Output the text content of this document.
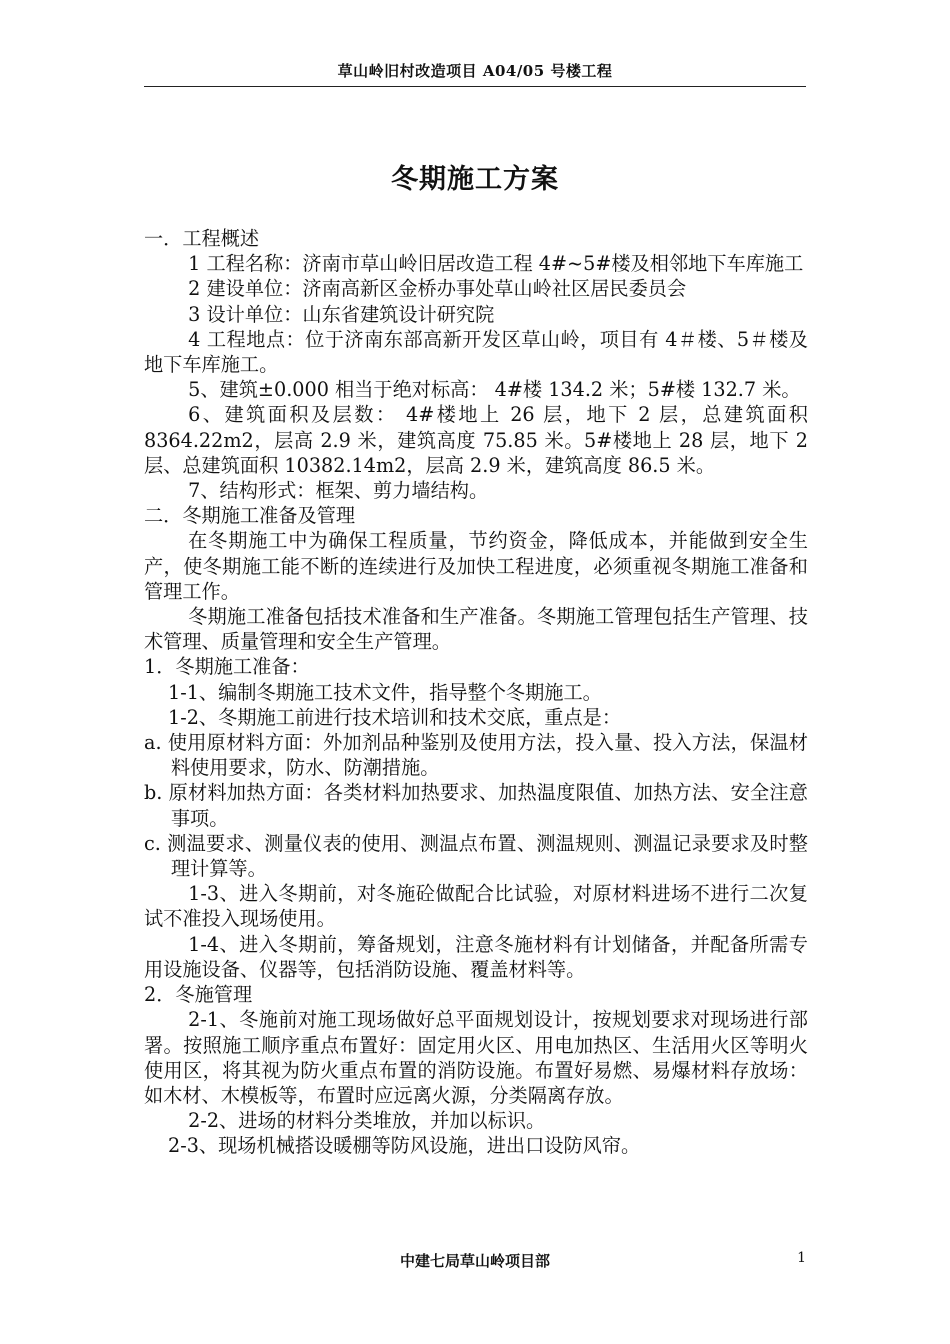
草山岭旧村改造项目 A04/05 号楼工程
冬期施工方案

一．工程概述

1 工程名称：济南市草山岭旧居改造工程 4#~5#楼及相邻地下车库施工

2 建设单位：济南高新区金桥办事处草山岭社区居民委员会

3 设计单位：山东省建筑设计研究院

4 工程地点：位于济南东部高新开发区草山岭，项目有 4＃楼、5＃楼及地下车库施工。

5、建筑±0.000 相当于绝对标高： 4#楼 134.2 米；5#楼 132.7 米。

6、建筑面积及层数： 4#楼地上 26 层，地下 2 层，总建筑面积 8364.22m2，层高 2.9 米，建筑高度 75.85 米。5#楼地上 28 层，地下 2 层、总建筑面积 10382.14m2，层高 2.9 米，建筑高度 86.5 米。

7、结构形式：框架、剪力墙结构。

二．冬期施工准备及管理

在冬期施工中为确保工程质量，节约资金，降低成本，并能做到安全生产，使冬期施工能不断的连续进行及加快工程进度，必须重视冬期施工准备和管理工作。

冬期施工准备包括技术准备和生产准备。冬期施工管理包括生产管理、技术管理、质量管理和安全生产管理。

1．冬期施工准备：

1-1、编制冬期施工技术文件，指导整个冬期施工。

1-2、冬期施工前进行技术培训和技术交底，重点是：

a. 使用原材料方面：外加剂品种鉴别及使用方法，投入量、投入方法，保温材料使用要求，防水、防潮措施。

b. 原材料加热方面：各类材料加热要求、加热温度限值、加热方法、安全注意事项。

c. 测温要求、测量仪表的使用、测温点布置、测温规则、测温记录要求及时整理计算等。

1-3、进入冬期前，对冬施砼做配合比试验，对原材料进场不进行二次复试不准投入现场使用。

1-4、进入冬期前，筹备规划，注意冬施材料有计划储备，并配备所需专用设施设备、仪器等，包括消防设施、覆盖材料等。

2．冬施管理

2-1、冬施前对施工现场做好总平面规划设计，按规划要求对现场进行部署。按照施工顺序重点布置好：固定用火区、用电加热区、生活用火区等明火使用区，将其视为防火重点布置的消防设施。布置好易燃、易爆材料存放场：如木材、木模板等，布置时应远离火源，分类隔离存放。

2-2、进场的材料分类堆放，并加以标识。

2-3、现场机械搭设暖棚等防风设施，进出口设防风帘。

中建七局草山岭项目部	1
